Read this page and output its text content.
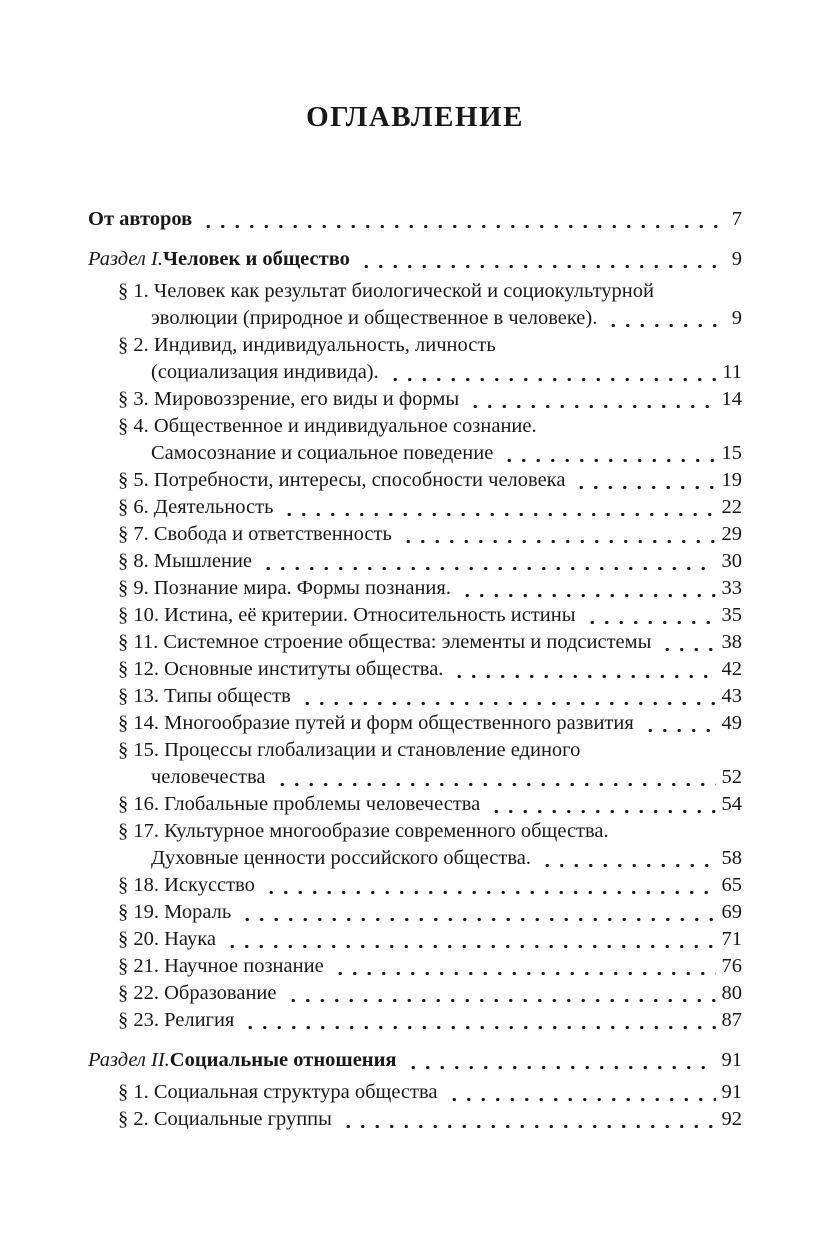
ОГЛАВЛЕНИЕ
От авторов	7
Раздел I. Человек и общество	9
§ 1. Человек как результат биологической и социокультурной
эволюции (природное и общественное в человеке).	9
§ 2. Индивид, индивидуальность, личность
(социализация индивида).	11
§ 3. Мировоззрение, его виды и формы	14
§ 4. Общественное и индивидуальное сознание.
Самосознание и социальное поведение	15
§ 5. Потребности, интересы, способности человека	19
§ 6. Деятельность	22
§ 7. Свобода и ответственность	29
§ 8. Мышление	30
§ 9. Познание мира. Формы познания.	33
§ 10. Истина, её критерии. Относительность истины	35
§ 11. Системное строение общества: элементы и подсистемы	38
§ 12. Основные институты общества.	42
§ 13. Типы обществ	43
§ 14. Многообразие путей и форм общественного развития	49
§ 15. Процессы глобализации и становление единого
человечества	52
§ 16. Глобальные проблемы человечества	54
§ 17. Культурное многообразие современного общества.
Духовные ценности российского общества.	58
§ 18. Искусство	65
§ 19. Мораль	69
§ 20. Наука	71
§ 21. Научное познание	76
§ 22. Образование	80
§ 23. Религия	87
Раздел II. Социальные отношения	91
§ 1. Социальная структура общества	91
§ 2. Социальные группы	92
